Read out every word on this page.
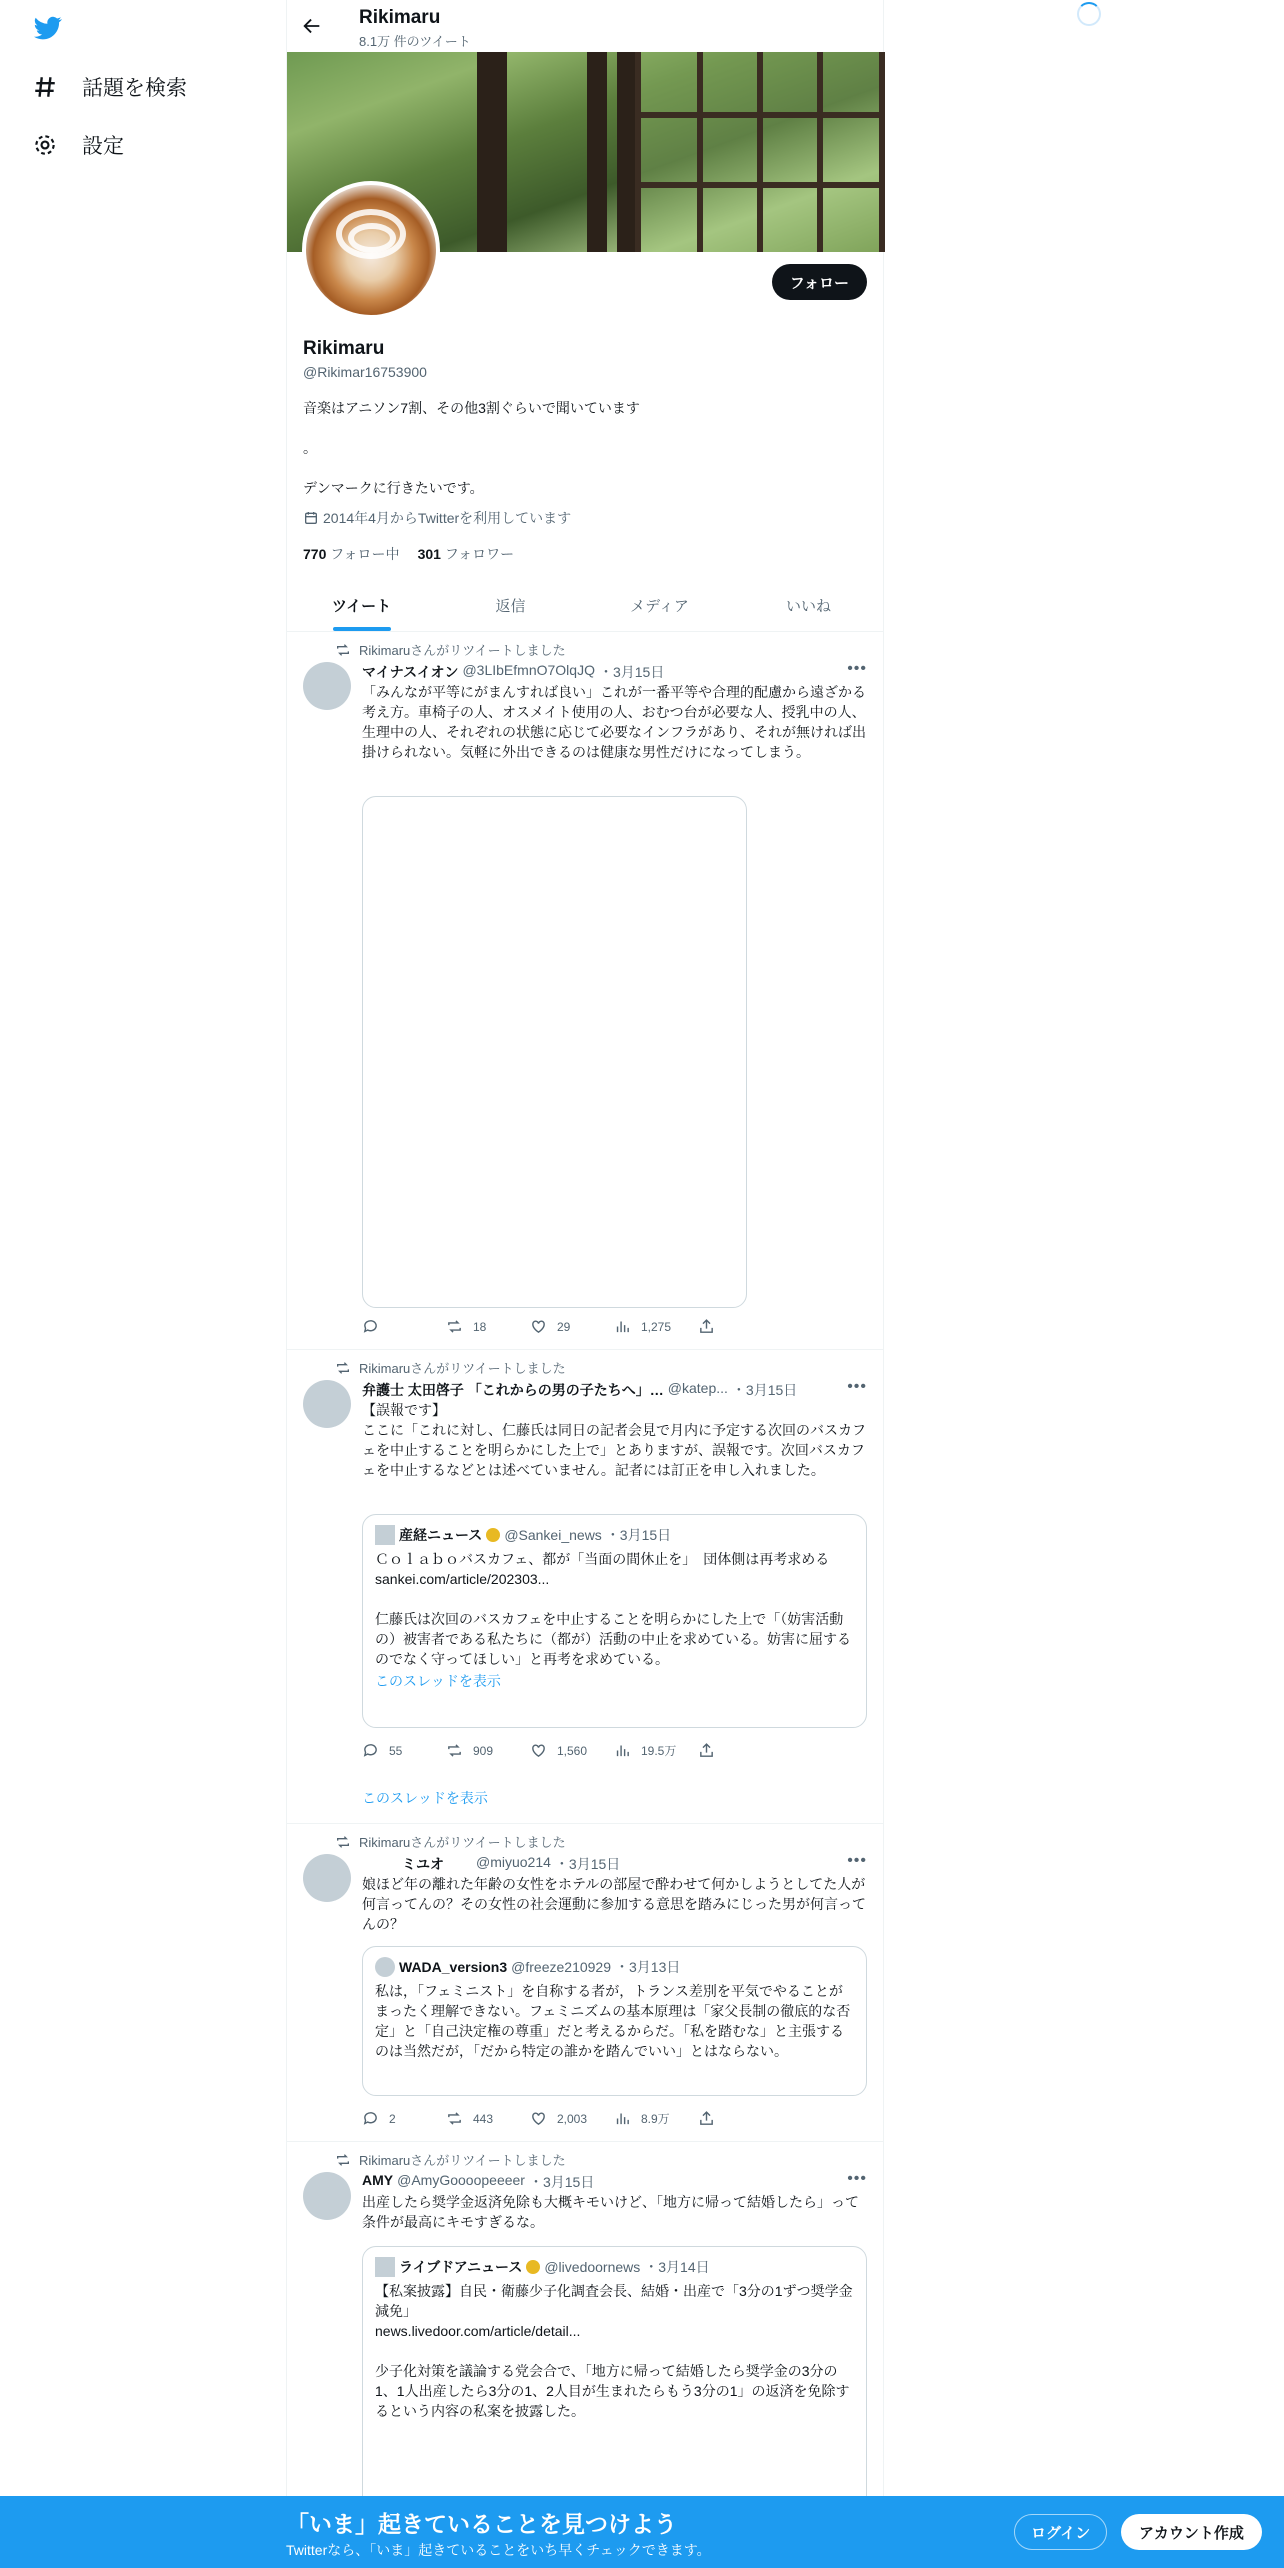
話題を検索
設定
Rikimaru
8.1万 件のツイート
フォロー
Rikimaru
@Rikimar16753900
音楽はアニソン7割、その他3割ぐらいで聞いています

。

デンマークに行きたいです。
2014年4月からTwitterを利用しています
770 フォロー中 301 フォロワー
ツイート	返信	メディア	いいね
Rikimaruさんがリツイートしました
マイナスイオン @3LIbEfmnO7OlqJQ ・3月15日	•••
「みんなが平等にがまんすれば良い」これが一番平等や合理的配慮から遠ざかる考え方。車椅子の人、オスメイト使用の人、おむつ台が必要な人、授乳中の人、生理中の人、それぞれの状態に応じて必要なインフラがあり、それが無ければ出掛けられない。気軽に外出できるのは健康な男性だけになってしまう。
18	29	1,275
Rikimaruさんがリツイートしました
弁護士 太田啓子 「これからの男の子たちへ」… @katep... ・3月15日	•••
【誤報です】
ここに「これに対し、仁藤氏は同日の記者会見で月内に予定する次回のバスカフェを中止することを明らかにした上で」とありますが、誤報です。次回バスカフェを中止するなどとは述べていません。記者には訂正を申し入れました。
産経ニュース @Sankei_news ・3月15日
Ｃｏｌａｂｏバスカフェ、都が「当面の間休止を」　団体側は再考求める
sankei.com/article/202303...

仁藤氏は次回のバスカフェを中止することを明らかにした上で「（妨害活動の）被害者である私たちに（都が）活動の中止を求めている。妨害に屈するのでなく守ってほしい」と再考を求めている。
このスレッドを表示
55	909	1,560	19.5万
このスレッドを表示
Rikimaruさんがリツイートしました
ミユオ	@miyuo214 ・3月15日	•••
娘ほど年の離れた年齢の女性をホテルの部屋で酔わせて何かしようとしてた人が何言ってんの？その女性の社会運動に参加する意思を踏みにじった男が何言ってんの？
WADA_version3 @freeze210929 ・3月13日
私は，「フェミニスト」を自称する者が，トランス差別を平気でやることがまったく理解できない。フェミニズムの基本原理は「家父長制の徹底的な否定」と「自己決定権の尊重」だと考えるからだ。「私を踏むな」と主張するのは当然だが，「だから特定の誰かを踏んでいい」とはならない。
2	443	2,003	8.9万
Rikimaruさんがリツイートしました
AMY @AmyGoooopeeeer ・3月15日	•••
出産したら奨学金返済免除も大概キモいけど、「地方に帰って結婚したら」って条件が最高にキモすぎるな。
ライブドアニュース @livedoornews ・3月14日
【私案披露】自民・衛藤少子化調査会長、結婚・出産で「3分の1ずつ奨学金減免」
news.livedoor.com/article/detail...

少子化対策を議論する党会合で、「地方に帰って結婚したら奨学金の3分の1、1人出産したら3分の1、2人目が生まれたらもう3分の1」の返済を免除するという内容の私案を披露した。
「いま」起きていることを見つけよう
Twitterなら、「いま」起きていることをいち早くチェックできます。
ログイン	アカウント作成
